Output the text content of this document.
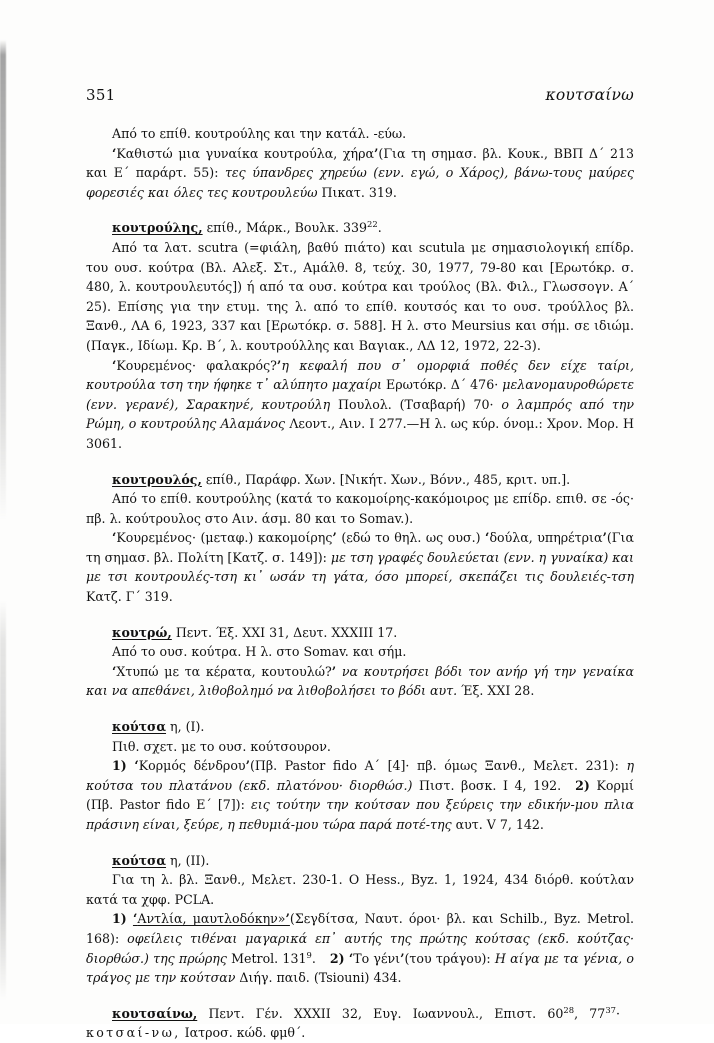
351	κουτσαίνω

Από το επίθ. κουτρούλης και την κατάλ. -εύω.

‘ Καθιστώ μια γυναίκα κουτρούλα, χήρα ’ (Για τη σημασ. βλ. Κουκ., ΒΒΠ Δ΄ 213 και Ε΄ παράρτ. 55): τες ύπανδρες χηρεύω (ενν. εγώ, ο Χάρος), βάνω-τους μαύρες φορεσιές και όλες τες κουτρουλεύω Πικατ. 319.

κουτρούλης, επίθ., Μάρκ., Βουλκ. $339^{22}$.

Από τα λατ. scutra (=φιάλη, βαθύ πιάτο) και scutula με σημασιολογική επίδρ. του ουσ. κούτρα (Βλ. Αλεξ. Στ., Αμάλθ. 8, τεύχ. 30, 1977, 79-80 και [Ερωτόκρ. σ. 480, λ. κουτρουλευτός]) ή από τα ουσ. κούτρα και τρούλος (Βλ. Φιλ., Γλωσσογν. Α΄ 25). Επίσης για την ετυμ. της λ. από το επίθ. κουτσός και το ουσ. τρούλλος βλ. Ξανθ., ΛΑ 6, 1923, 337 και [Ερωτόκρ. σ. 588]. Η λ. στο Meursius και σήμ. σε ιδιώμ. (Παγκ., Ιδίωμ. Κρ. Β΄, λ. κουτρούλλης και Βαγιακ., ΛΔ 12, 1972, 22-3).

‘ Κουρεμένος· φαλακρός? ’ η κεφαλή που σ᾽ ομορφιά ποθές δεν είχε ταίρι, κουτρούλα τση την ήφηκε τ᾽ αλύπητο μαχαίρι Ερωτόκρ. Δ΄ 476· μελανομαυροθώρετε (ενν. γερανέ), Σαρακηνέ, κουτρούλη Πουλολ. (Τσαβαρή) 70· ο λαμπρός από την Ρώμη, ο κουτρούλης Αλαμάνος Λεοντ., Αιν. Ι 277.—Η λ. ως κύρ. όνομ.: Χρον. Μορ. Η 3061.

κουτρουλός, επίθ., Παράφρ. Χων. [Νικήτ. Χων., Βόνν., 485, κριτ. υπ.].

Από το επίθ. κουτρούλης (κατά το κακομοίρης-κακόμοιρος με επίδρ. επιθ. σε -ός· πβ. λ. κούτρουλος στο Αιν. άσμ. 80 και το Somav.).

‘ Κουρεμένος· (μεταφ.) κακομοίρης ’ (εδώ το θηλ. ως ουσ.) ‘ δούλα, υπηρέτρια ’ (Για τη σημασ. βλ. Πολίτη [Κατζ. σ. 149]): με τση γραφές δουλεύεται (ενν. η γυναίκα) και με τσι κουτρουλές-τση κι᾽ ωσάν τη γάτα, όσο μπορεί, σκεπάζει τις δουλειές-τση Κατζ. Γ΄ 319.

κουτρώ, Πεντ. Έξ. XXI 31, Δευτ. XXXIII 17.

Από το ουσ. κούτρα. Η λ. στο Somav. και σήμ.

‘ Χτυπώ με τα κέρατα, κουτουλώ? ’ να κουτρήσει βόδι τον ανήρ γή την γεναίκα και να απεθάνει, λιθοβολημό να λιθοβολήσει το βόδι αυτ. Έξ. XXI 28.

κούτσα η, (I).

Πιθ. σχετ. με το ουσ. κούτσουρον.

1) ‘ Κορμός δένδρου ’ (Πβ. Pastor fido Α΄ [4]· πβ. όμως Ξανθ., Μελετ. 231): η κούτσα του πλατάνου (εκδ. πλατόνου· διορθώσ.) Πιστ. βοσκ. Ι 4, 192. 2) Κορμί (Πβ. Pastor fido Ε΄ [7]): εις τούτην την κούτσαν που ξεύρεις την εδικήν-μου πλια πράσινη είναι, ξεύρε, η πεθυμιά-μου τώρα παρά ποτέ-της αυτ. V 7, 142.

κούτσα η, (II).

Για τη λ. βλ. Ξανθ., Μελετ. 230-1. Ο Hess., Byz. 1, 1924, 434 διόρθ. κούτλαν κατά τα χφφ. PCLA.

1) ‘ Αντλία, μαυτλοδόκην» ’ (Σεγδίτσα, Ναυτ. όροι· βλ. και Schilb., Byz. Metrol. 168): οφείλεις τιθέναι μαγαρικά επ᾽ αυτής της πρώτης κούτσας (εκδ. κούτζας· διορθώσ.) της πρώρης Metrol. $131^9$. 2) ‘ Το γένι ’ (του τράγου): Η αίγα με τα γένια, ο τράγος με την κούτσαν Διήγ. παιδ. (Tsiouni) 434.

κουτσαίνω, Πεντ. Γέν. XXXII 32, Ευγ. Ιωαννουλ., Επιστ. $60^{28}$, $77^{37}\cdot\kappa o\tau\sigma\alpha ί-\nu\omega$, Ιατροσ. κώδ. φμθ΄.
